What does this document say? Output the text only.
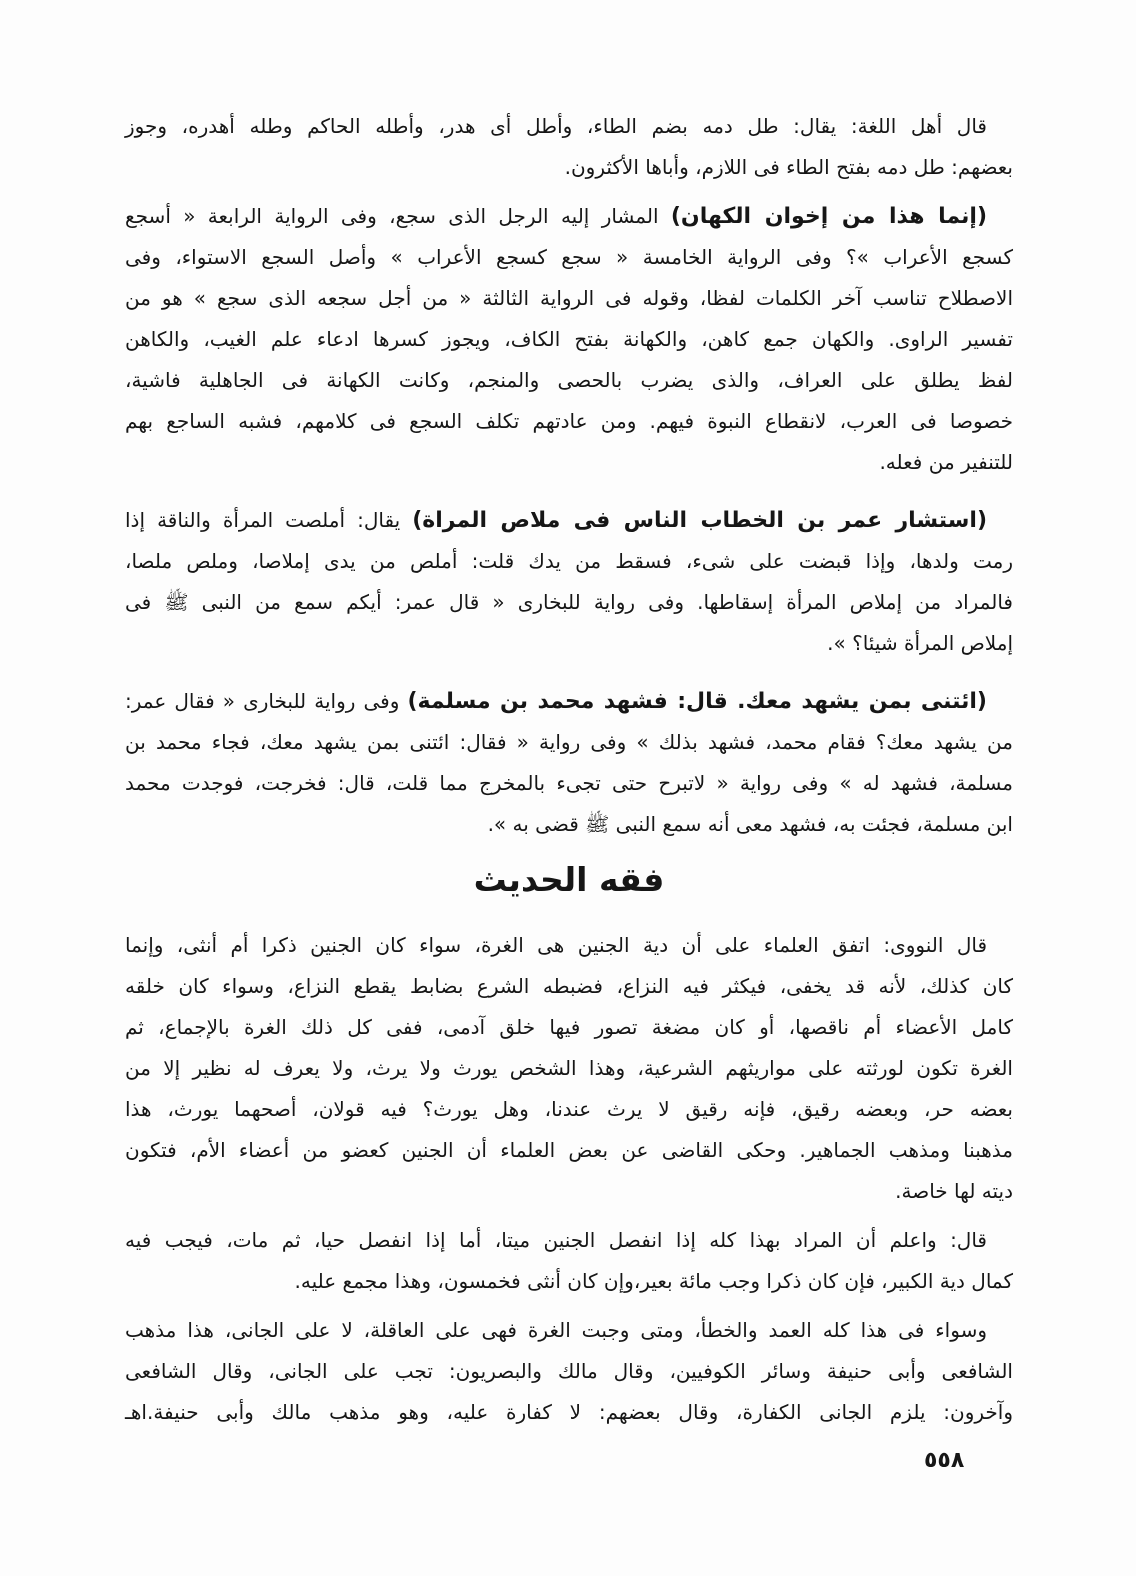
قال أهل اللغة: يقال: طل دمه بضم الطاء، وأطل أى هدر، وأطله الحاكم وطله أهدره، وجوز
بعضهم: طل دمه بفتح الطاء فى اللازم، وأباها الأكثرون.
(إنما هذا من إخوان الكهان) المشار إليه الرجل الذى سجع، وفى الرواية الرابعة « أسجع
كسجع الأعراب »؟ وفى الرواية الخامسة « سجع كسجع الأعراب » وأصل السجع الاستواء، وفى
الاصطلاح تناسب آخر الكلمات لفظا، وقوله فى الرواية الثالثة « من أجل سجعه الذى سجع » هو من
تفسير الراوى. والكهان جمع كاهن، والكهانة بفتح الكاف، ويجوز كسرها ادعاء علم الغيب، والكاهن
لفظ يطلق على العراف، والذى يضرب بالحصى والمنجم، وكانت الكهانة فى الجاهلية فاشية،
خصوصا فى العرب، لانقطاع النبوة فيهم. ومن عادتهم تكلف السجع فى كلامهم، فشبه الساجع بهم
للتنفير من فعله.
(استشار عمر بن الخطاب الناس فى ملاص المراة) يقال: أملصت المرأة والناقة إذا
رمت ولدها، وإذا قبضت على شىء، فسقط من يدك قلت: أملص من يدى إملاصا، وملص ملصا،
فالمراد من إملاص المرأة إسقاطها. وفى رواية للبخارى « قال عمر: أيكم سمع من النبى ﷺ فى
إملاص المرأة شيئا؟ ».
(ائتنى بمن يشهد معك. قال: فشهد محمد بن مسلمة) وفى رواية للبخارى « فقال عمر:
من يشهد معك؟ فقام محمد، فشهد بذلك » وفى رواية « فقال: ائتنى بمن يشهد معك، فجاء محمد بن
مسلمة، فشهد له » وفى رواية « لاتبرح حتى تجىء بالمخرج مما قلت، قال: فخرجت، فوجدت محمد
ابن مسلمة، فجئت به، فشهد معى أنه سمع النبى ﷺ قضى به ».
فقه الحديث
قال النووى: اتفق العلماء على أن دية الجنين هى الغرة، سواء كان الجنين ذكرا أم أنثى، وإنما
كان كذلك، لأنه قد يخفى، فيكثر فيه النزاع، فضبطه الشرع بضابط يقطع النزاع، وسواء كان خلقه
كامل الأعضاء أم ناقصها، أو كان مضغة تصور فيها خلق آدمى، ففى كل ذلك الغرة بالإجماع، ثم
الغرة تكون لورثته على مواريثهم الشرعية، وهذا الشخص يورث ولا يرث، ولا يعرف له نظير إلا من
بعضه حر، وبعضه رقيق، فإنه رقيق لا يرث عندنا، وهل يورث؟ فيه قولان، أصحهما يورث، هذا
مذهبنا ومذهب الجماهير. وحكى القاضى عن بعض العلماء أن الجنين كعضو من أعضاء الأم، فتكون
ديته لها خاصة.
قال: واعلم أن المراد بهذا كله إذا انفصل الجنين ميتا، أما إذا انفصل حيا، ثم مات، فيجب فيه
كمال دية الكبير، فإن كان ذكرا وجب مائة بعير،وإن كان أنثى فخمسون، وهذا مجمع عليه.
وسواء فى هذا كله العمد والخطأ، ومتى وجبت الغرة فهى على العاقلة، لا على الجانى، هذا مذهب
الشافعى وأبى حنيفة وسائر الكوفيين، وقال مالك والبصريون: تجب على الجانى، وقال الشافعى
وآخرون: يلزم الجانى الكفارة، وقال بعضهم: لا كفارة عليه، وهو مذهب مالك وأبى حنيفة.اهـ
٥٥٨
